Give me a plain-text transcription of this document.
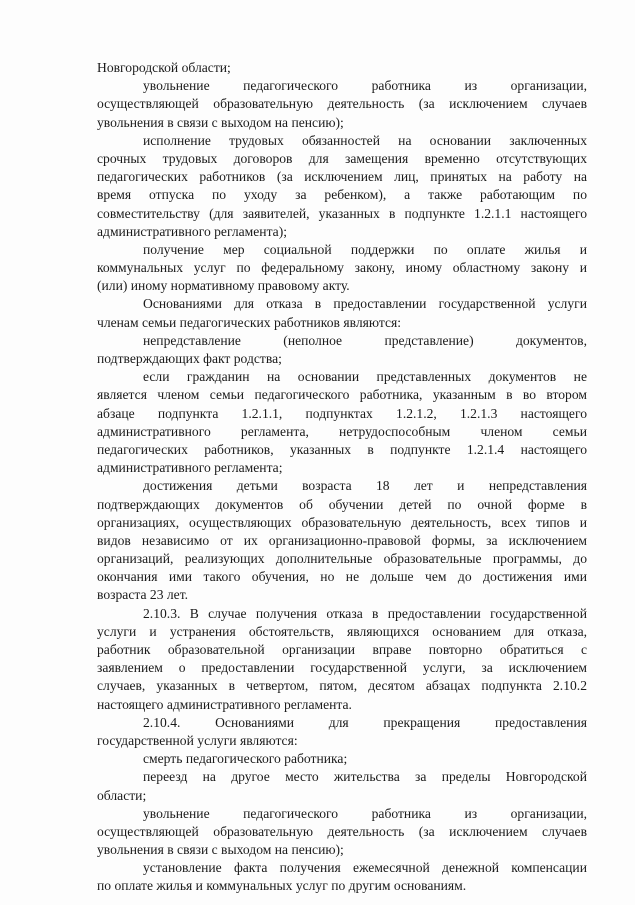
Новгородской области;
увольнение педагогического работника из организации,
осуществляющей образовательную деятельность (за исключением случаев
увольнения в связи с выходом на пенсию);
исполнение трудовых обязанностей на основании заключенных
срочных трудовых договоров для замещения временно отсутствующих
педагогических работников (за исключением лиц, принятых на работу на
время отпуска по уходу за ребенком), а также работающим по
совместительству (для заявителей, указанных в подпункте 1.2.1.1 настоящего
административного регламента);
получение мер социальной поддержки по оплате жилья и
коммунальных услуг по федеральному закону, иному областному закону и
(или) иному нормативному правовому акту.
Основаниями для отказа в предоставлении государственной услуги
членам семьи педагогических работников являются:
непредставление (неполное представление) документов,
подтверждающих факт родства;
если гражданин на основании представленных документов не
является членом семьи педагогического работника, указанным в во втором
абзаце подпункта 1.2.1.1, подпунктах 1.2.1.2, 1.2.1.3 настоящего
административного регламента, нетрудоспособным членом семьи
педагогических работников, указанных в подпункте 1.2.1.4 настоящего
административного регламента;
достижения детьми возраста 18 лет и непредставления
подтверждающих документов об обучении детей по очной форме в
организациях, осуществляющих образовательную деятельность, всех типов и
видов независимо от их организационно-правовой формы, за исключением
организаций, реализующих дополнительные образовательные программы, до
окончания ими такого обучения, но не дольше чем до достижения ими
возраста 23 лет.
2.10.3. В случае получения отказа в предоставлении государственной
услуги и устранения обстоятельств, являющихся основанием для отказа,
работник образовательной организации вправе повторно обратиться с
заявлением о предоставлении государственной услуги, за исключением
случаев, указанных в четвертом, пятом, десятом абзацах подпункта 2.10.2
настоящего административного регламента.
2.10.4. Основаниями для прекращения предоставления
государственной услуги являются:
смерть педагогического работника;
переезд на другое место жительства за пределы Новгородской
области;
увольнение педагогического работника из организации,
осуществляющей образовательную деятельность (за исключением случаев
увольнения в связи с выходом на пенсию);
установление факта получения ежемесячной денежной компенсации
по оплате жилья и коммунальных услуг по другим основаниям.
